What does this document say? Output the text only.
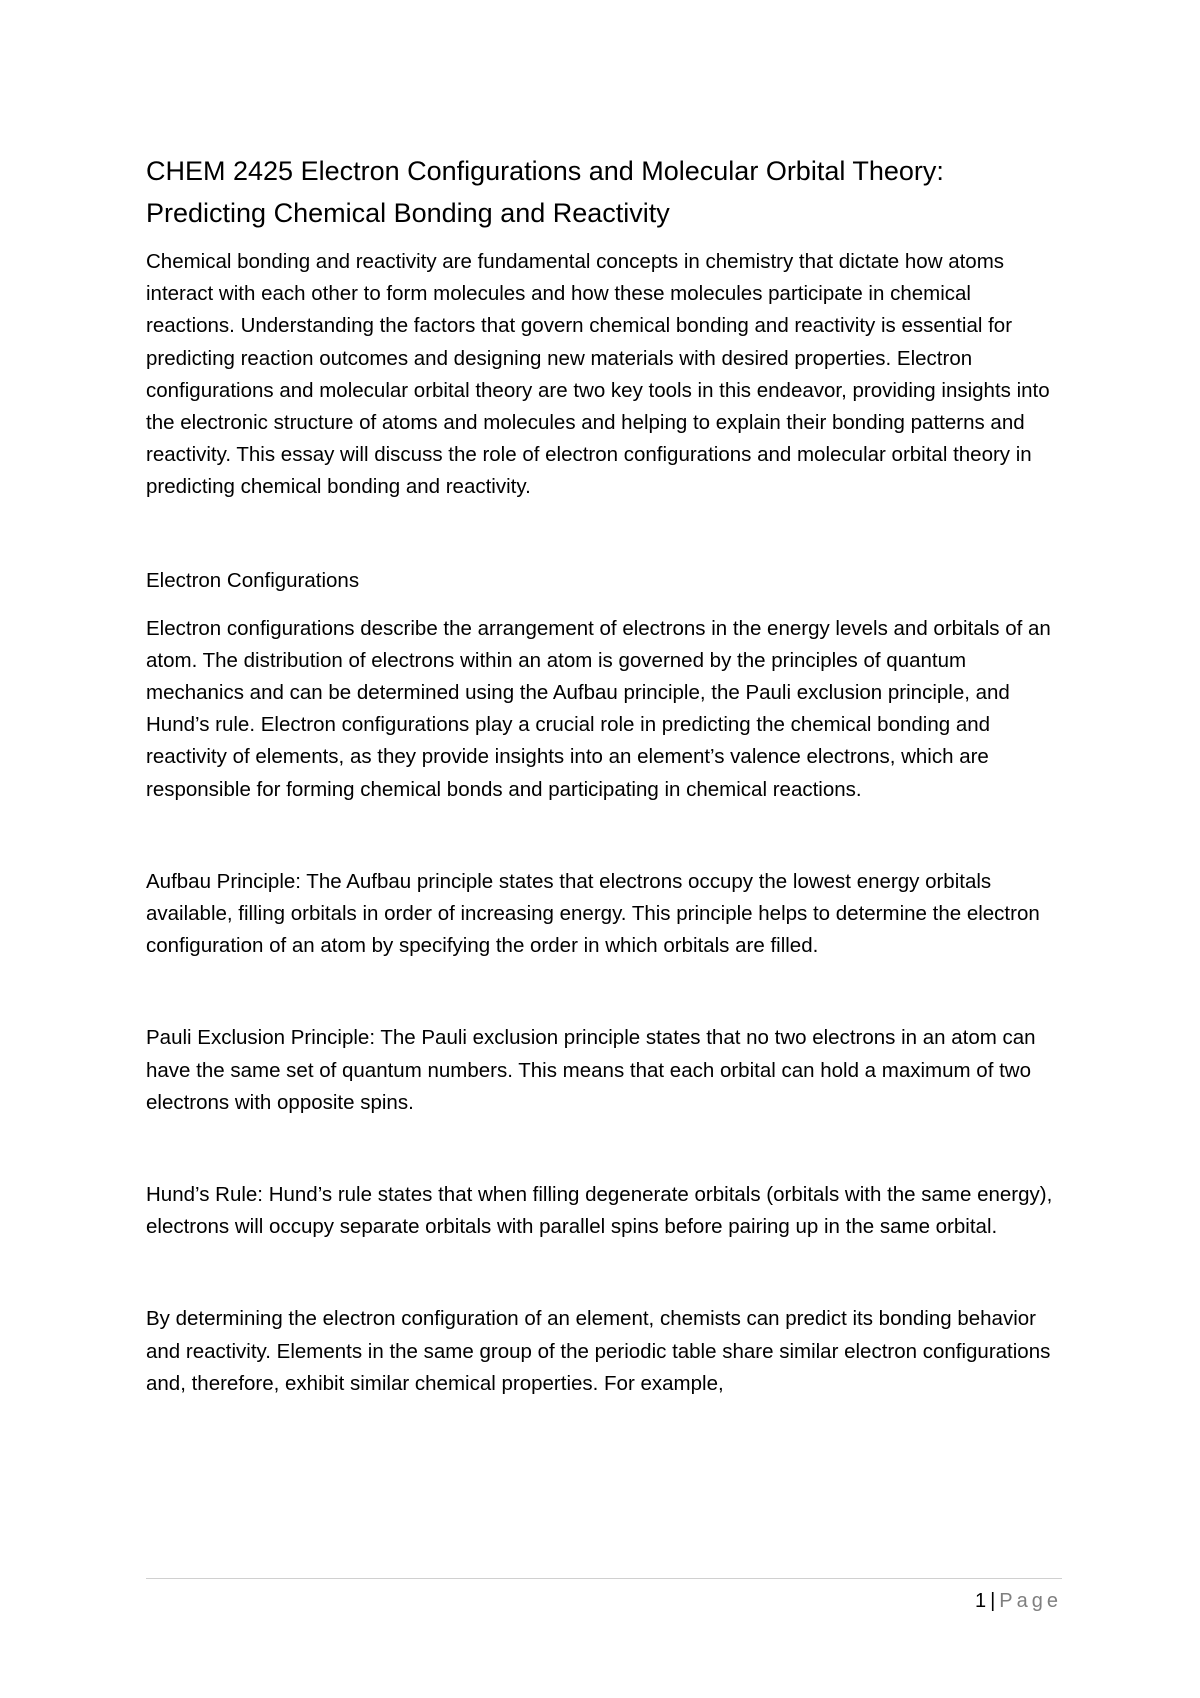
CHEM 2425 Electron Configurations and Molecular Orbital Theory: Predicting Chemical Bonding and Reactivity

Chemical bonding and reactivity are fundamental concepts in chemistry that dictate how atoms interact with each other to form molecules and how these molecules participate in chemical reactions. Understanding the factors that govern chemical bonding and reactivity is essential for predicting reaction outcomes and designing new materials with desired properties. Electron configurations and molecular orbital theory are two key tools in this endeavor, providing insights into the electronic structure of atoms and molecules and helping to explain their bonding patterns and reactivity. This essay will discuss the role of electron configurations and molecular orbital theory in predicting chemical bonding and reactivity.

Electron Configurations

Electron configurations describe the arrangement of electrons in the energy levels and orbitals of an atom. The distribution of electrons within an atom is governed by the principles of quantum mechanics and can be determined using the Aufbau principle, the Pauli exclusion principle, and Hund’s rule. Electron configurations play a crucial role in predicting the chemical bonding and reactivity of elements, as they provide insights into an element’s valence electrons, which are responsible for forming chemical bonds and participating in chemical reactions.

Aufbau Principle: The Aufbau principle states that electrons occupy the lowest energy orbitals available, filling orbitals in order of increasing energy. This principle helps to determine the electron configuration of an atom by specifying the order in which orbitals are filled.

Pauli Exclusion Principle: The Pauli exclusion principle states that no two electrons in an atom can have the same set of quantum numbers. This means that each orbital can hold a maximum of two electrons with opposite spins.

Hund’s Rule: Hund’s rule states that when filling degenerate orbitals (orbitals with the same energy), electrons will occupy separate orbitals with parallel spins before pairing up in the same orbital.

By determining the electron configuration of an element, chemists can predict its bonding behavior and reactivity. Elements in the same group of the periodic table share similar electron configurations and, therefore, exhibit similar chemical properties. For example,

1 | Page
